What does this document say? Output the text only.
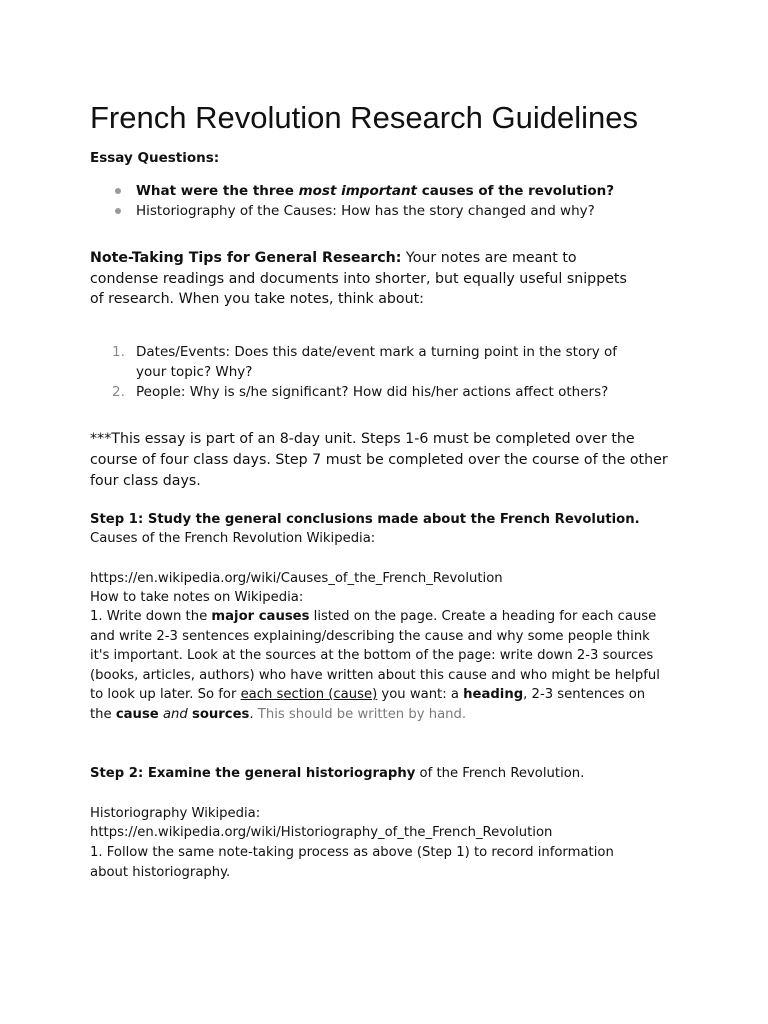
French Revolution Research Guidelines

Essay Questions:

What were the three most important causes of the revolution?
Historiography of the Causes: How has the story changed and why?

Note-Taking Tips for General Research: Your notes are meant to condense readings and documents into shorter, but equally useful snippets of research. When you take notes, think about:

1. Dates/Events: Does this date/event mark a turning point in the story of your topic? Why?
2. People: Why is s/he significant? How did his/her actions affect others?

***This essay is part of an 8-day unit. Steps 1-6 must be completed over the course of four class days. Step 7 must be completed over the course of the other four class days.

Step 1: Study the general conclusions made about the French Revolution.

Causes of the French Revolution Wikipedia:

https://en.wikipedia.org/wiki/Causes_of_the_French_Revolution

How to take notes on Wikipedia:

1. Write down the major causes listed on the page. Create a heading for each cause and write 2-3 sentences explaining/describing the cause and why some people think it's important. Look at the sources at the bottom of the page: write down 2-3 sources (books, articles, authors) who have written about this cause and who might be helpful to look up later. So for each section (cause) you want: a heading, 2-3 sentences on the cause and sources. This should be written by hand.

Step 2: Examine the general historiography of the French Revolution.

Historiography Wikipedia:

https://en.wikipedia.org/wiki/Historiography_of_the_French_Revolution

1. Follow the same note-taking process as above (Step 1) to record information about historiography.
